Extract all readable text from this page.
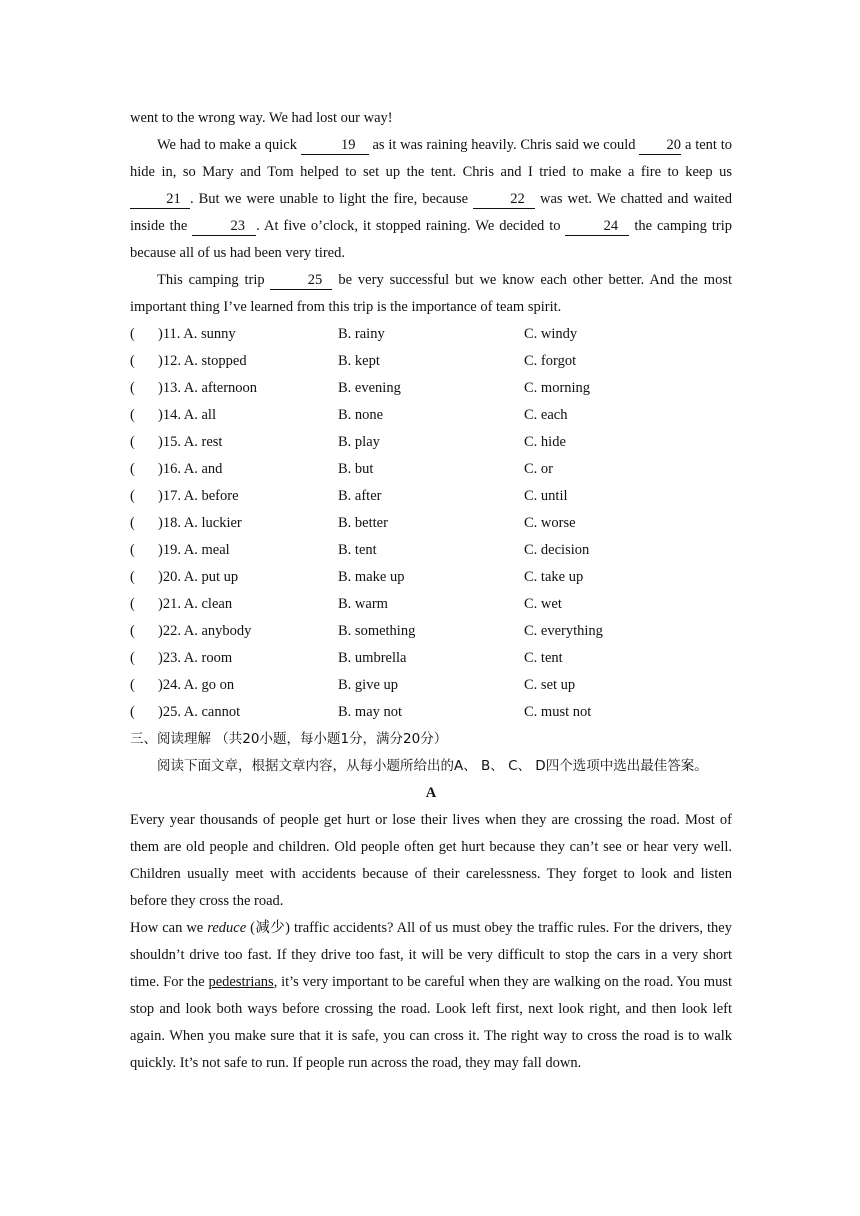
went to the wrong way. We had lost our way!

We had to make a quick	19 as it was raining heavily. Chris said we could 20 a tent to hide in, so Mary and Tom helped to set up the tent. Chris and I tried to make a fire to keep us 21 . But we were unable to light the fire, because	22 was wet. We chatted and waited inside the	23 . At five o’clock, it stopped raining. We decided to	24 the camping trip because all of us had been very tired.

This camping trip	25 be very successful but we know each other better. And the most important thing I’ve learned from this trip is the importance of team spirit.

( )11. A. sunny	B. rainy	C. windy
( )12. A. stopped	B. kept	C. forgot
( )13. A. afternoon	B. evening	C. morning
( )14. A. all	B. none	C. each
( )15. A. rest	B. play	C. hide
( )16. A. and	B. but	C. or
( )17. A. before	B. after	C. until
( )18. A. luckier	B. better	C. worse
( )19. A. meal	B. tent	C. decision
( )20. A. put up	B. make up	C. take up
( )21. A. clean	B. warm	C. wet
( )22. A. anybody	B. something	C. everything
( )23. A. room	B. umbrella	C. tent
( )24. A. go on	B. give up	C. set up
( )25. A. cannot	B. may not	C. must not

三、阅读理解 （共20小题，每小题1分，满分20分）

阅读下面文章，根据文章内容，从每小题所给出的A、 B、 C、 D四个选项中选出最佳答案。

A

Every year thousands of people get hurt or lose their lives when they are crossing the road. Most of them are old people and children. Old people often get hurt because they can’t see or hear very well. Children usually meet with accidents because of their carelessness. They forget to look and listen before they cross the road.

How can we reduce (减少) traffic accidents? All of us must obey the traffic rules. For the drivers, they shouldn’t drive too fast. If they drive too fast, it will be very difficult to stop the cars in a very short time. For the pedestrians, it’s very important to be careful when they are walking on the road. You must stop and look both ways before crossing the road. Look left first, next look right, and then look left again. When you make sure that it is safe, you can cross it. The right way to cross the road is to walk quickly. It’s not safe to run. If people run across the road, they may fall down.
